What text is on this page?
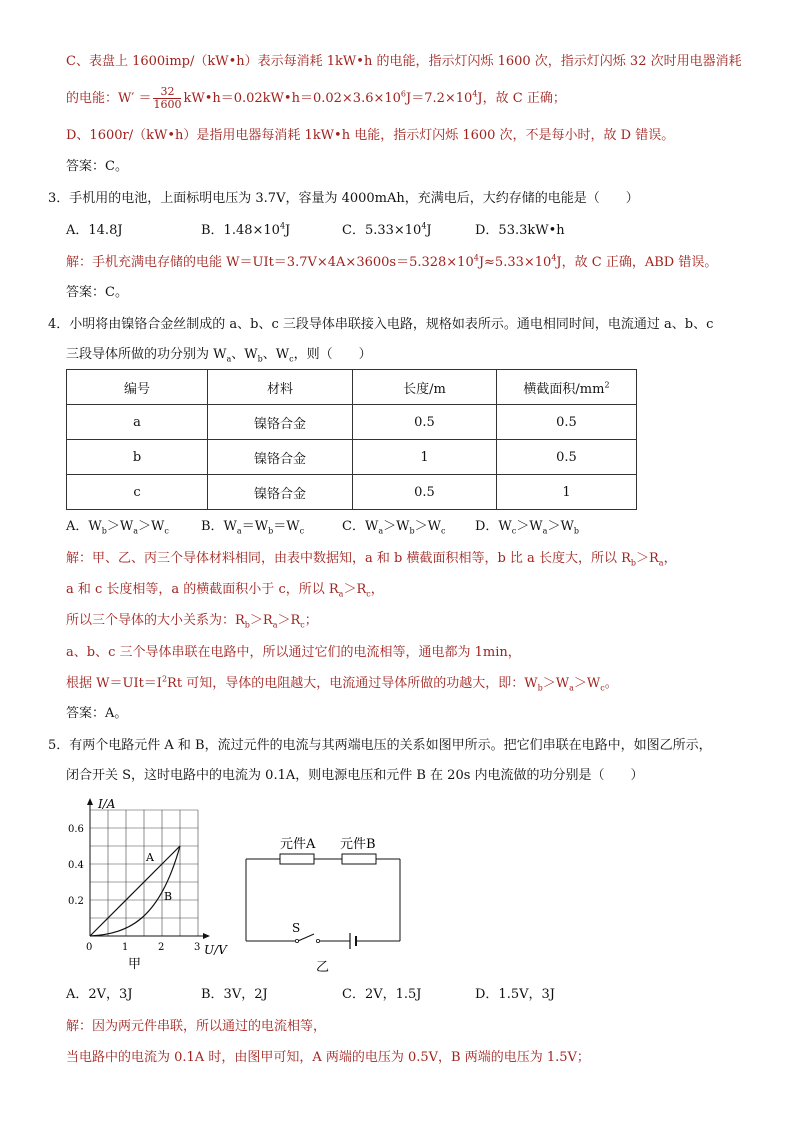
C、表盘上 1600imp/（kW•h）表示每消耗 1kW•h 的电能，指示灯闪烁 1600 次，指示灯闪烁 32 次时用电器消耗
的电能：$W' = \frac{32}{1600}$ $kW•h=0.02kW•h=0.02\times 3.6\times 10^6J=7.2\times 10^4J$，故 C 正确；
D、1600r/（kW•h）是指用电器每消耗 1kW•h 电能，指示灯闪烁 1600 次，不是每小时，故 D 错误。
答案：C。
3．手机用的电池，上面标明电压为 3.7V，容量为 4000mAh，充满电后，大约存储的电能是（　　）
A．14.8J	B．$1.48\times 10^4J$	C．$5.33\times 10^4J$	D．53.3kW•h
解：手机充满电存储的电能 $W=UIt=3.7V\times 4A\times 3600s=5.328\times 10^4J\approx 5.33\times 10^4J$，故 C 正确，ABD 错误。
答案：C。
4．小明将由镍铬合金丝制成的 a、b、c 三段导体串联接入电路，规格如表所示。通电相同时间，电流通过 a、b、c
三段导体所做的功分别为 $W_a$、$W_b$、$W_c$，则（　　）
编号	材料	长度/m	横截面积$/mm^2$
a	镍铬合金	0.5	0.5
b	镍铬合金	1	0.5
c	镍铬合金	0.5	1
A．$W_b>W_a>W_c$ B．$W_a=W_b=W_c$	C．$W_a>W_b>W_c$ D．$W_c>W_a>W_b$
解：甲、乙、丙三个导体材料相同，由表中数据知，a 和 b 横截面积相等，b 比 a 长度大，所以 $R_b>R_a$，
a 和 c 长度相等，a 的横截面积小于 c，所以 $R_a>R_c$，
所以三个导体的大小关系为：$R_b>R_a>R_c$；
a、b、c 三个导体串联在电路中，所以通过它们的电流相等，通电都为 1min，
根据 $W=UIt=I^2Rt$ 可知，导体的电阻越大，电流通过导体所做的功越大，即：$W_b>W_a>W_c$。
答案：A。
5．有两个电路元件 A 和 B，流过元件的电流与其两端电压的关系如图甲所示。把它们串联在电路中，如图乙所示，
闭合开关 S，这时电路中的电流为 0.1A，则电源电压和元件 B 在 20s 内电流做的功分别是（　　）
I/A
U/V
0.6
0.4
0.2
0	1	2	3
A
B
甲
元件A 元件B
S
乙
A．2V，3J	B．3V，2J	C．2V，1.5J	D．1.5V，3J
解：因为两元件串联，所以通过的电流相等，
当电路中的电流为 0.1A 时，由图甲可知，A 两端的电压为 0.5V，B 两端的电压为 1.5V；
